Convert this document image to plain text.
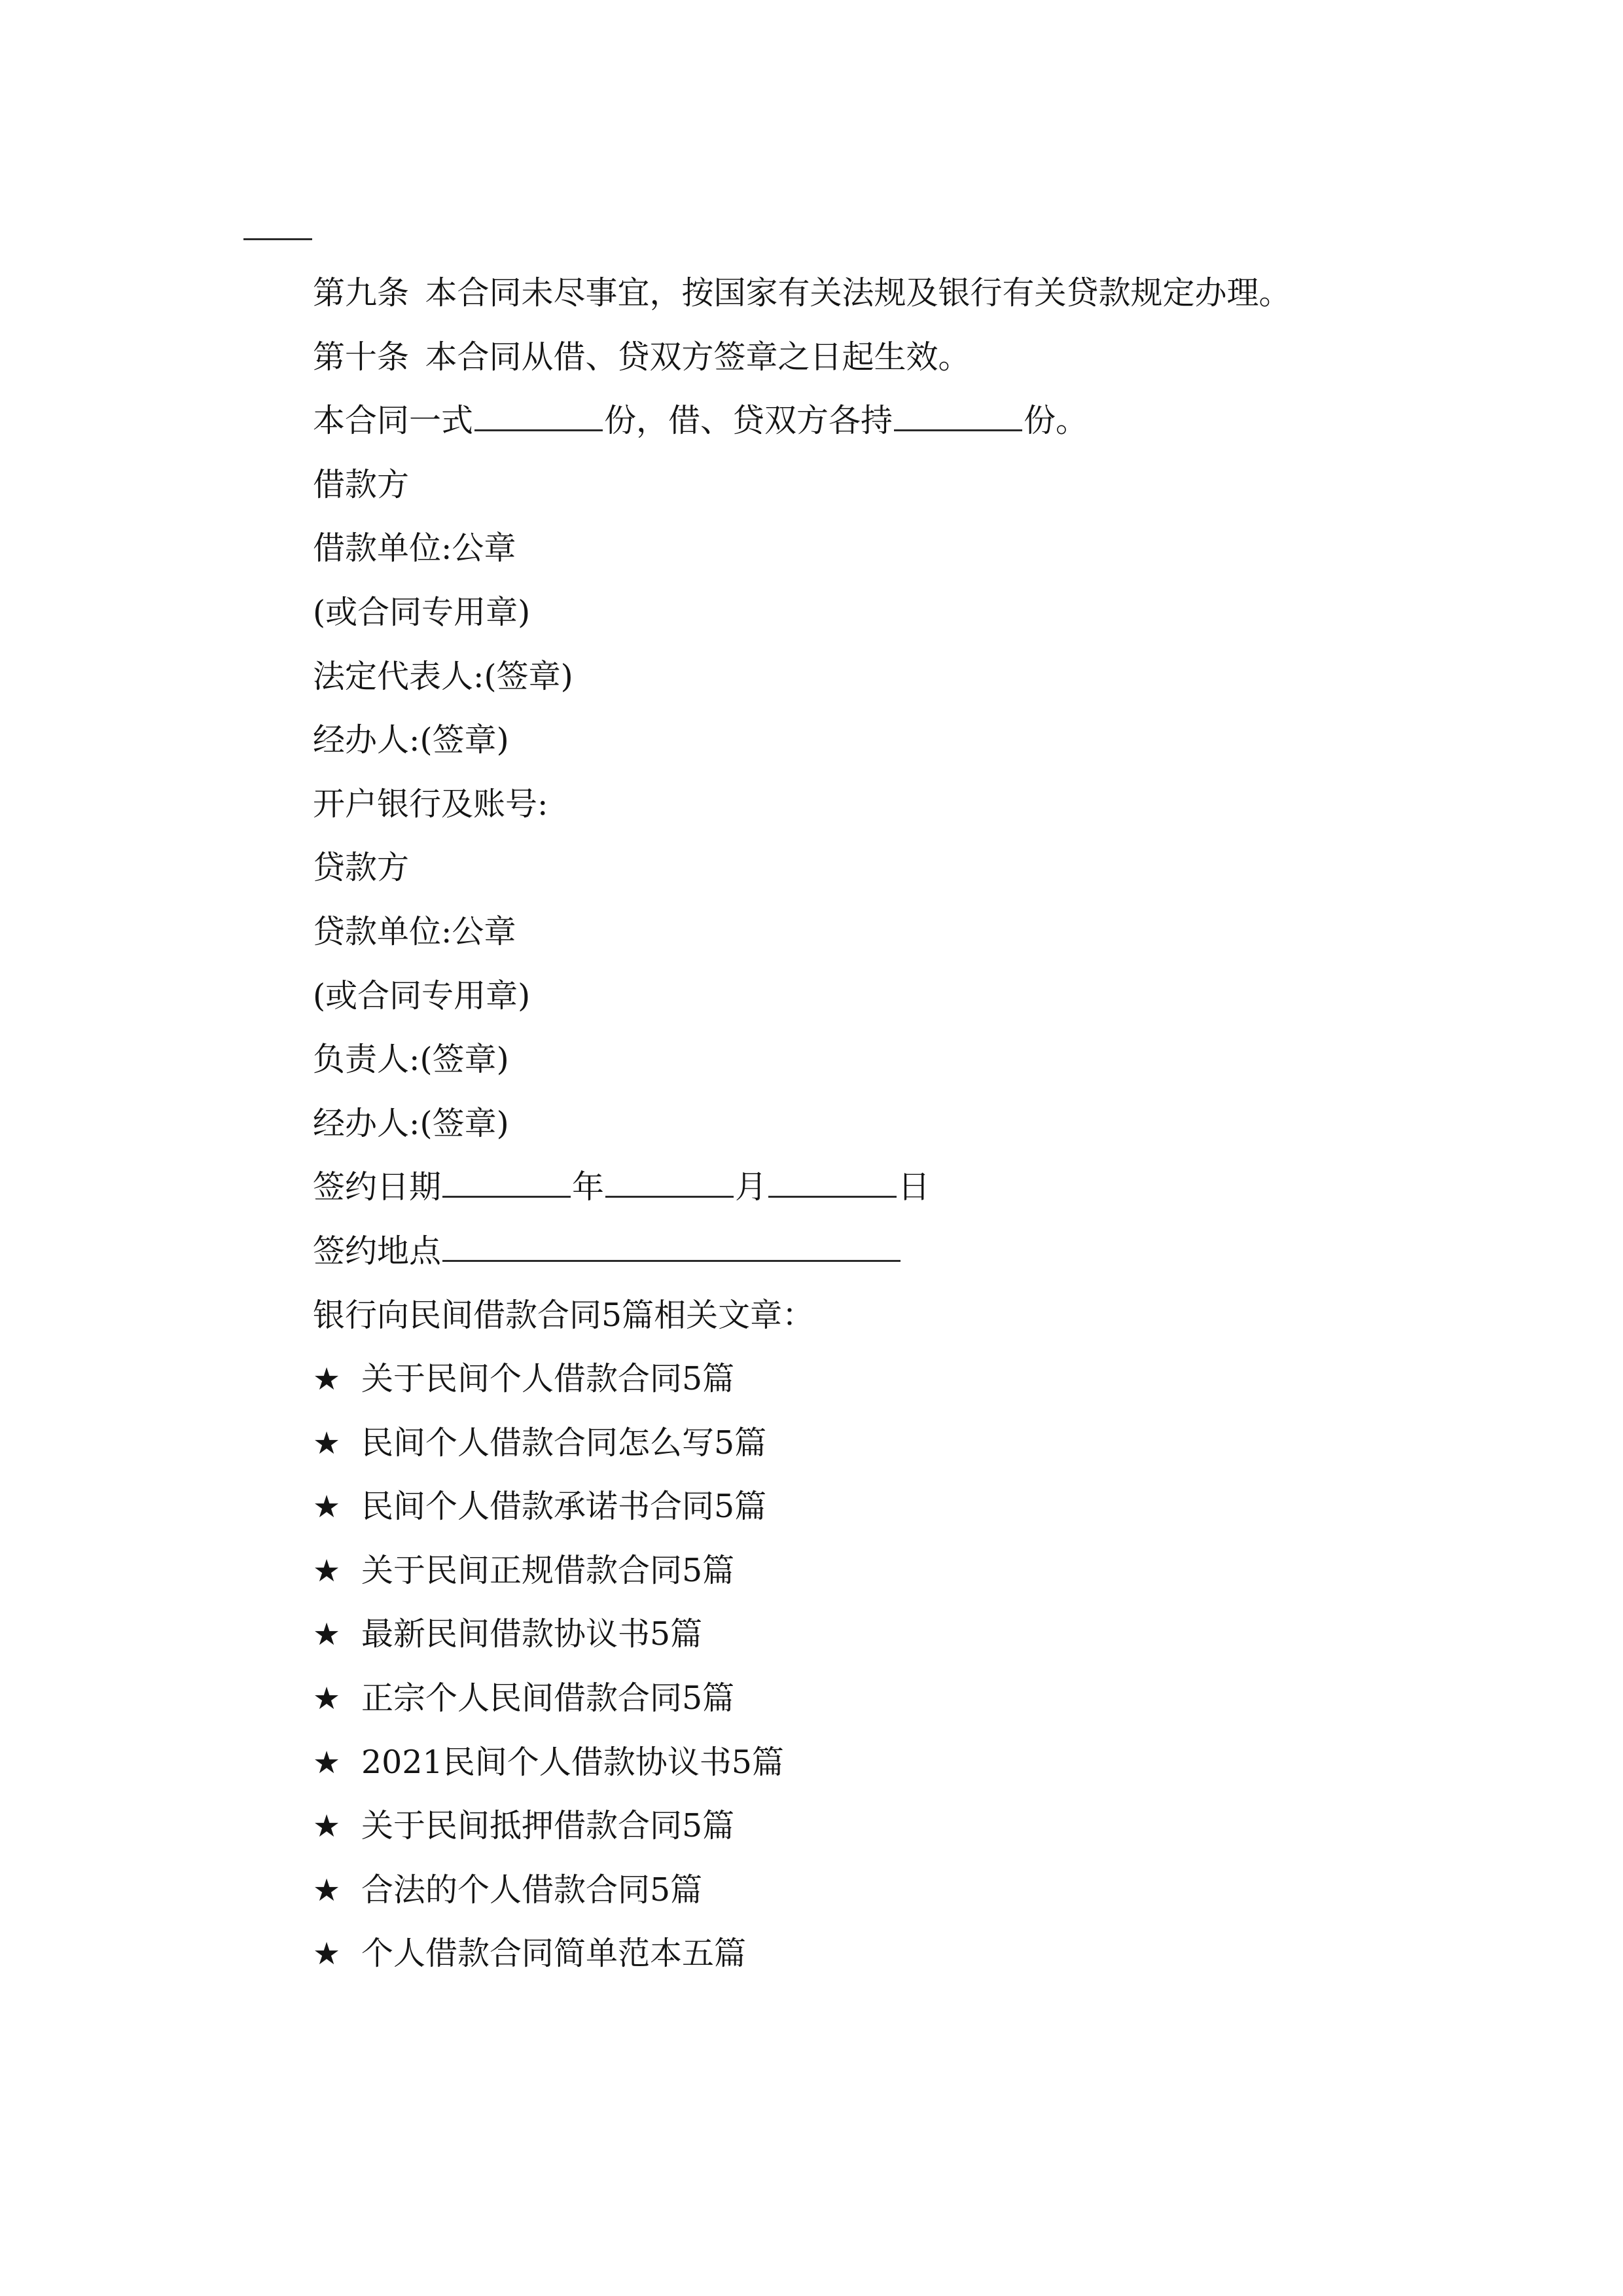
第九条 本合同未尽事宜，按国家有关法规及银行有关贷款规定办理。
第十条 本合同从借、贷双方签章之日起生效。
本合同一式	份，借、贷双方各持	份。
借款方
借款单位:公章
(或合同专用章)
法定代表人:(签章)
经办人:(签章)
开户银行及账号:
贷款方
贷款单位:公章
(或合同专用章)
负责人:(签章)
经办人:(签章)
签约日期	年	月	日
签约地点
银行向民间借款合同5篇相关文章：
★ 关于民间个人借款合同5篇
★ 民间个人借款合同怎么写5篇
★ 民间个人借款承诺书合同5篇
★ 关于民间正规借款合同5篇
★ 最新民间借款协议书5篇
★ 正宗个人民间借款合同5篇
★ 2021民间个人借款协议书5篇
★ 关于民间抵押借款合同5篇
★ 合法的个人借款合同5篇
★ 个人借款合同简单范本五篇
